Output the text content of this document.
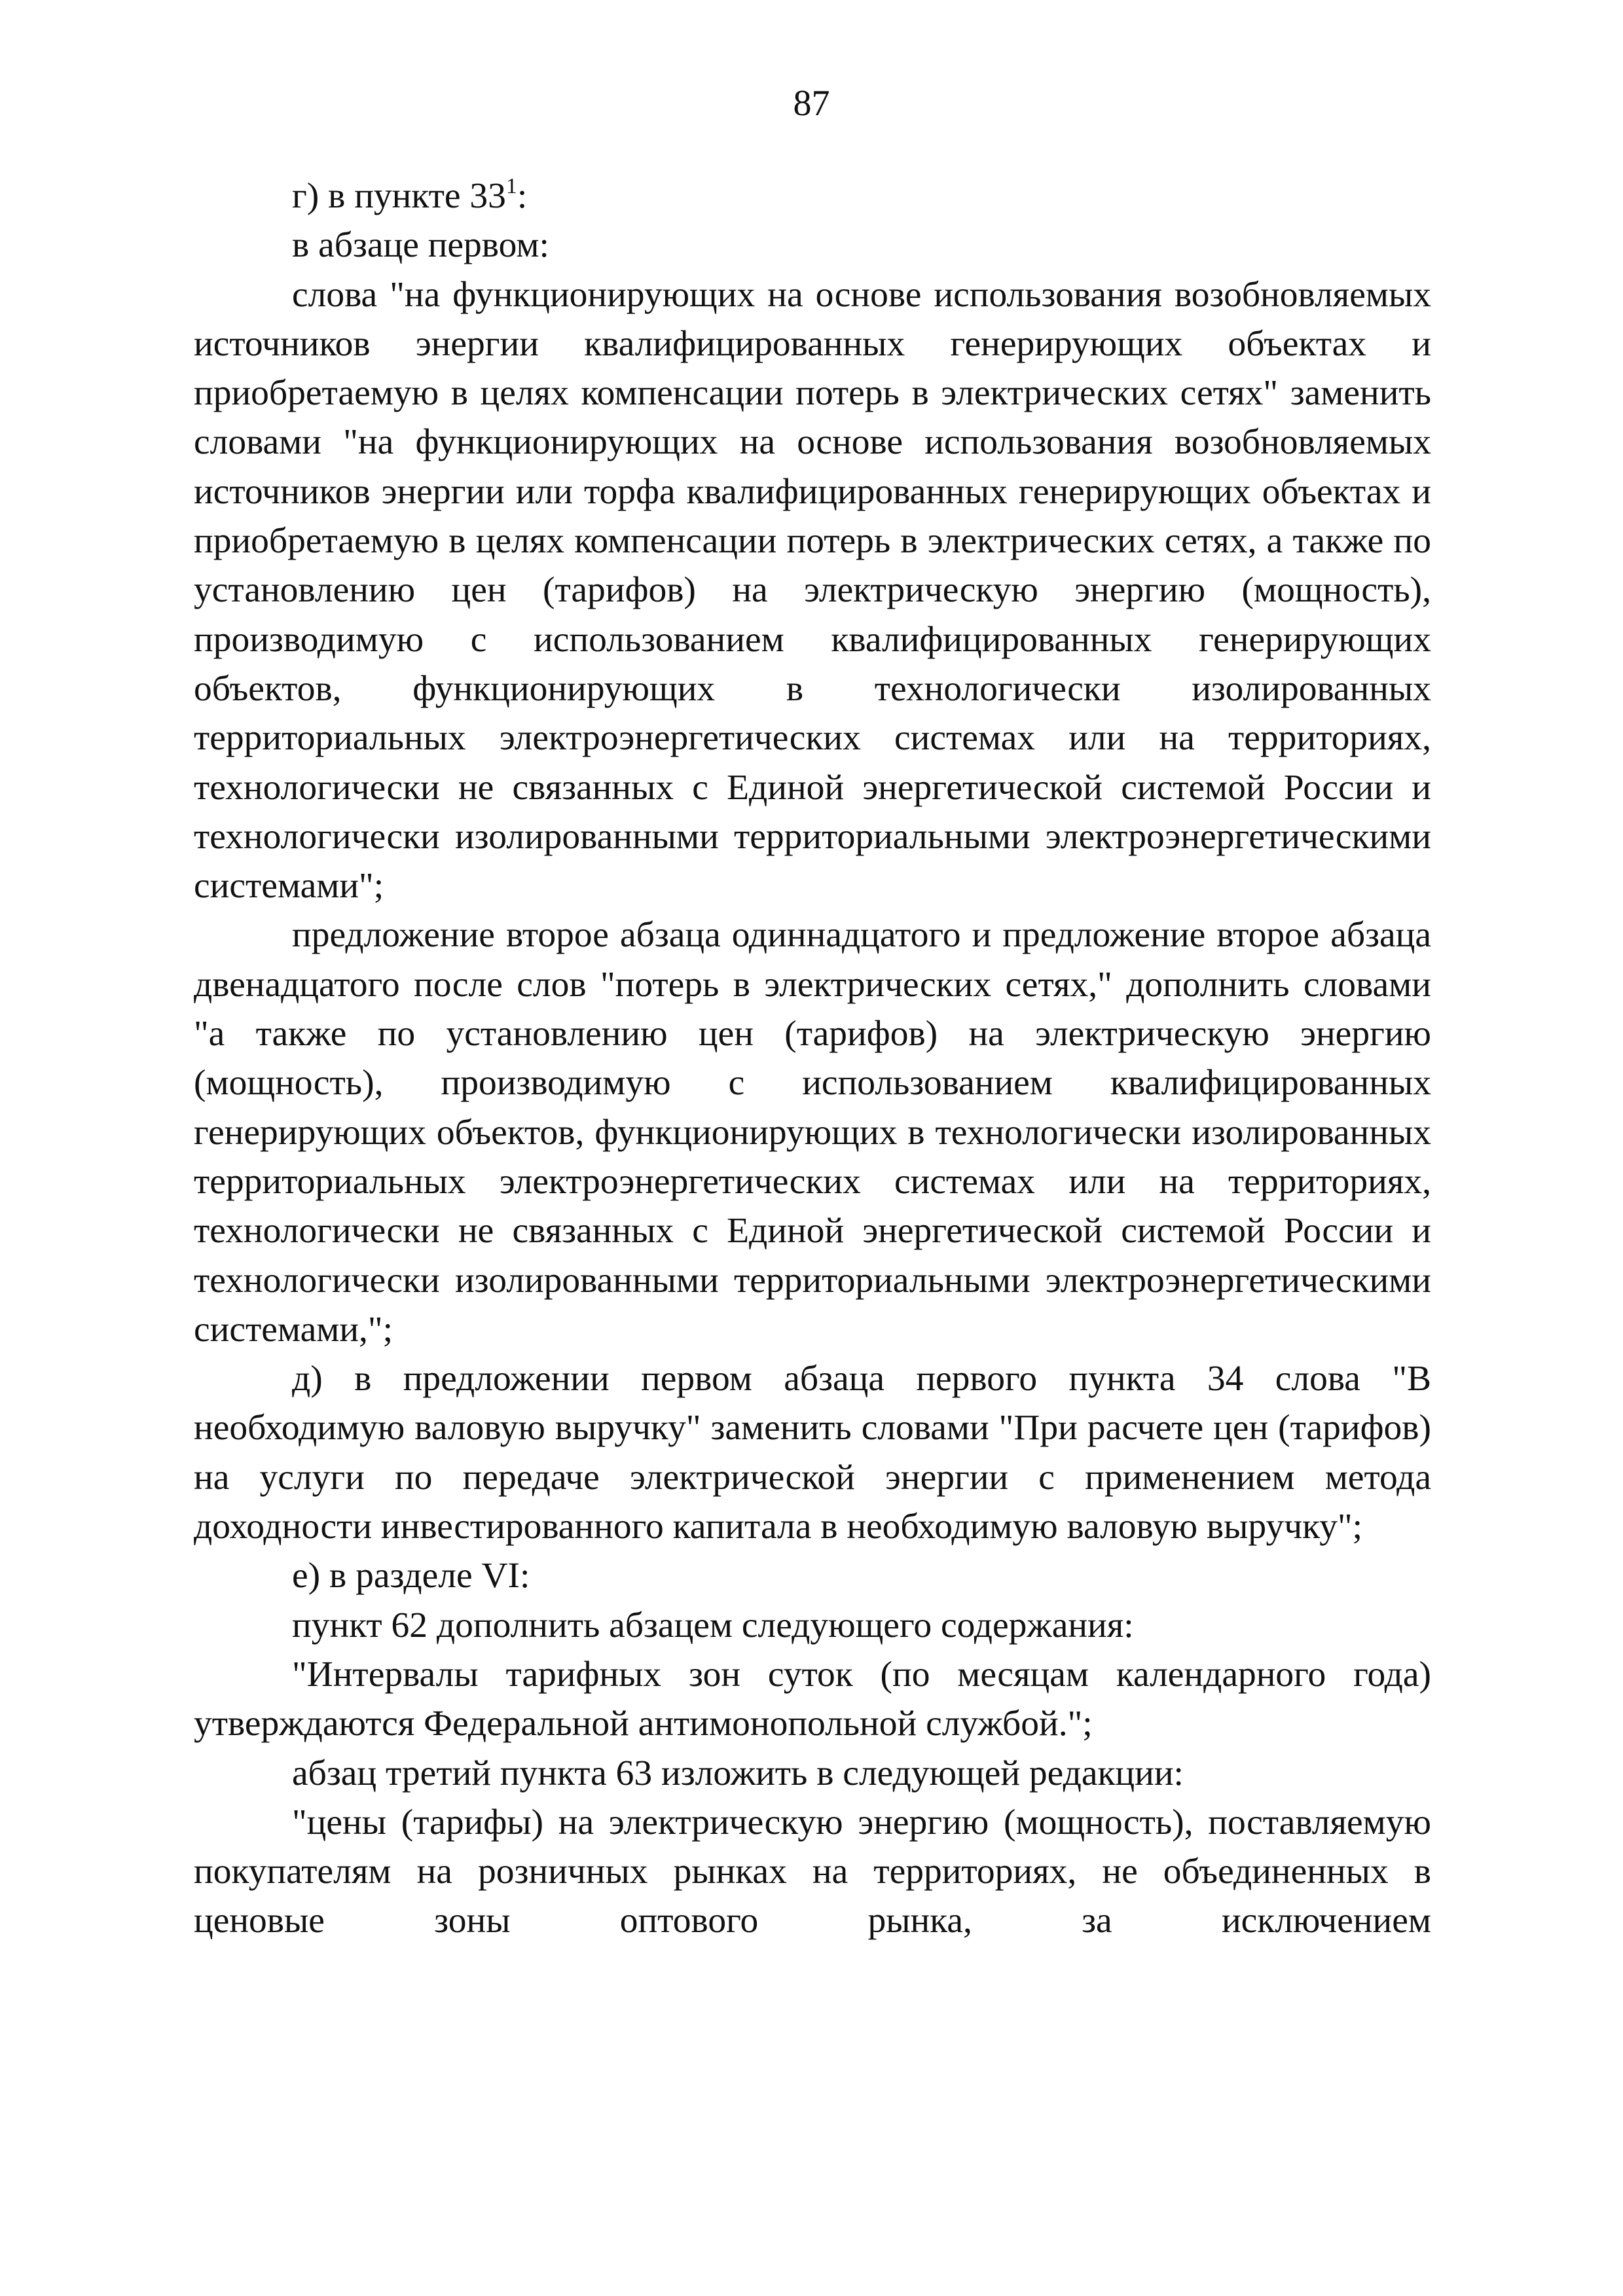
87

г) в пункте $33^1$:

в абзаце первом:

слова "на функционирующих на основе использования возобновляемых источников энергии квалифицированных генерирующих объектах и приобретаемую в целях компенсации потерь в электрических сетях" заменить словами "на функционирующих на основе использования возобновляемых источников энергии или торфа квалифицированных генерирующих объектах и приобретаемую в целях компенсации потерь в электрических сетях, а также по установлению цен (тарифов) на электрическую энергию (мощность), производимую с использованием квалифицированных генерирующих объектов, функционирующих в технологически изолированных территориальных электроэнергетических системах или на территориях, технологически не связанных с Единой энергетической системой России и технологически изолированными территориальными электроэнергетическими системами";

предложение второе абзаца одиннадцатого и предложение второе абзаца двенадцатого после слов "потерь в электрических сетях," дополнить словами "а также по установлению цен (тарифов) на электрическую энергию (мощность), производимую с использованием квалифицированных генерирующих объектов, функционирующих в технологически изолированных территориальных электроэнергетических системах или на территориях, технологически не связанных с Единой энергетической системой России и технологически изолированными территориальными электроэнергетическими системами,";

д) в предложении первом абзаца первого пункта 34 слова "В необходимую валовую выручку" заменить словами "При расчете цен (тарифов) на услуги по передаче электрической энергии с применением метода доходности инвестированного капитала в необходимую валовую выручку";

е) в разделе VI:

пункт 62 дополнить абзацем следующего содержания:

"Интервалы тарифных зон суток (по месяцам календарного года) утверждаются Федеральной антимонопольной службой.";

абзац третий пункта 63 изложить в следующей редакции:

"цены (тарифы) на электрическую энергию (мощность), поставляемую покупателям на розничных рынках на территориях, не объединенных в ценовые зоны оптового рынка, за исключением
